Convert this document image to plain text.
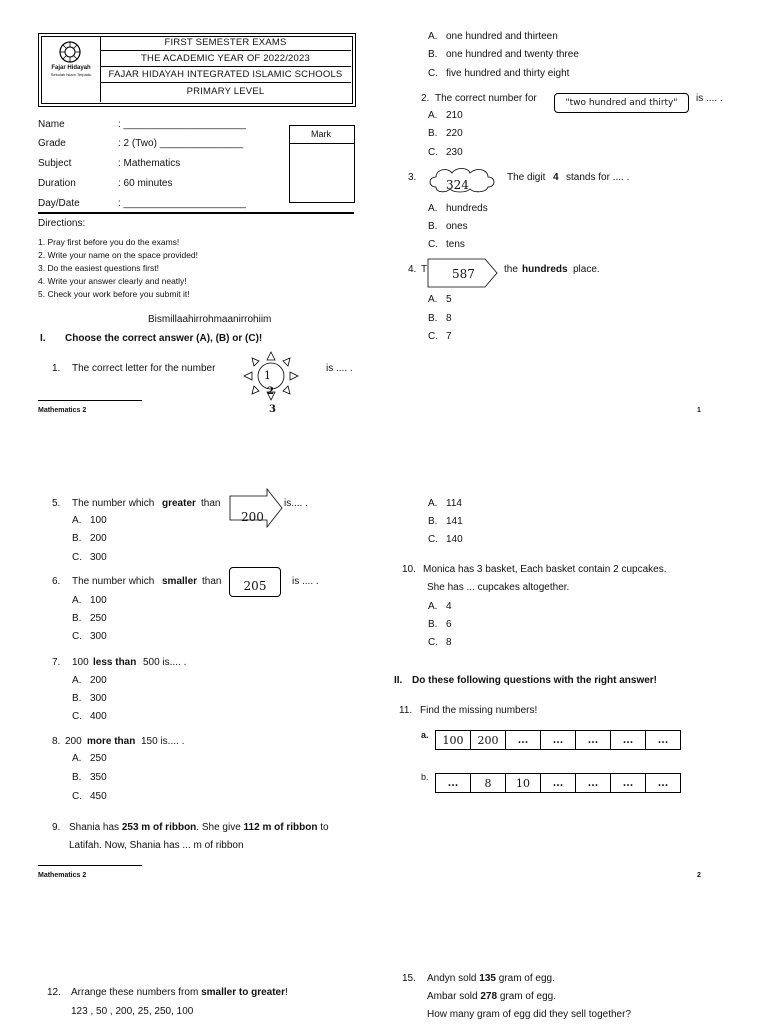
Fajar Hidayah
Sekolah Islam Terpadu
FIRST SEMESTER EXAMS
THE ACADEMIC YEAR OF 2022/2023
FAJAR HIDAYAH INTEGRATED ISLAMIC SCHOOLS
PRIMARY LEVEL
Name	: ______________________
Grade	: 2 (Two) _______________
Subject	: Mathematics
Duration	: 60 minutes
Day/Date	: ______________________
Mark
Directions:
1. Pray first before you do the exams!
2. Write your name on the space provided!
3. Do the easiest questions first!
4. Write your answer clearly and neatly!
5. Check your work before you submit it!
Bismillaahirrohmaanirrohiim
I. Choose the correct answer (A), (B) or (C)!
1. The correct letter for the number
1
2
3
is .... .
Mathematics 2
A. one hundred and thirteen
B. one hundred and twenty three
C. five hundred and thirty eight
2. The correct number for	"two hundred and thirty"	is .... .
A. 210
B. 220
C. 230
3.
324
The digit 4 stands for .... .
A. hundreds
B. ones
C. tens
4. T 587	the hundreds place.
A. 5
B. 8
C. 7
1
5. The number which greater than
200
is.... .
A. 100
B. 200
C. 300
6. The number which smaller than	205	is .... .
A. 100
B. 250
C. 300
7. 100 less than 500 is.... .
A. 200
B. 300
C. 400
8. 200 more than 150 is.... .
A. 250
B. 350
C. 450
9. Shania has 253 m of ribbon. She give 112 m of ribbon to
Latifah. Now, Shania has ... m of ribbon
Mathematics 2
A. 114
B. 141
C. 140
10. Monica has 3 basket, Each basket contain 2 cupcakes.
She has ... cupcakes altogether.
A. 4
B. 6
C. 8
II. Do these following questions with the right answer!
11. Find the missing numbers!
a. 100	200	...	...	...	...	...
b.
...	8	10	...	...	...	...
2
12. Arrange these numbers from smaller to greater!
123 , 50 , 200, 25, 250, 100
15. Andyn sold 135 gram of egg.
Ambar sold 278 gram of egg.
How many gram of egg did they sell together?
